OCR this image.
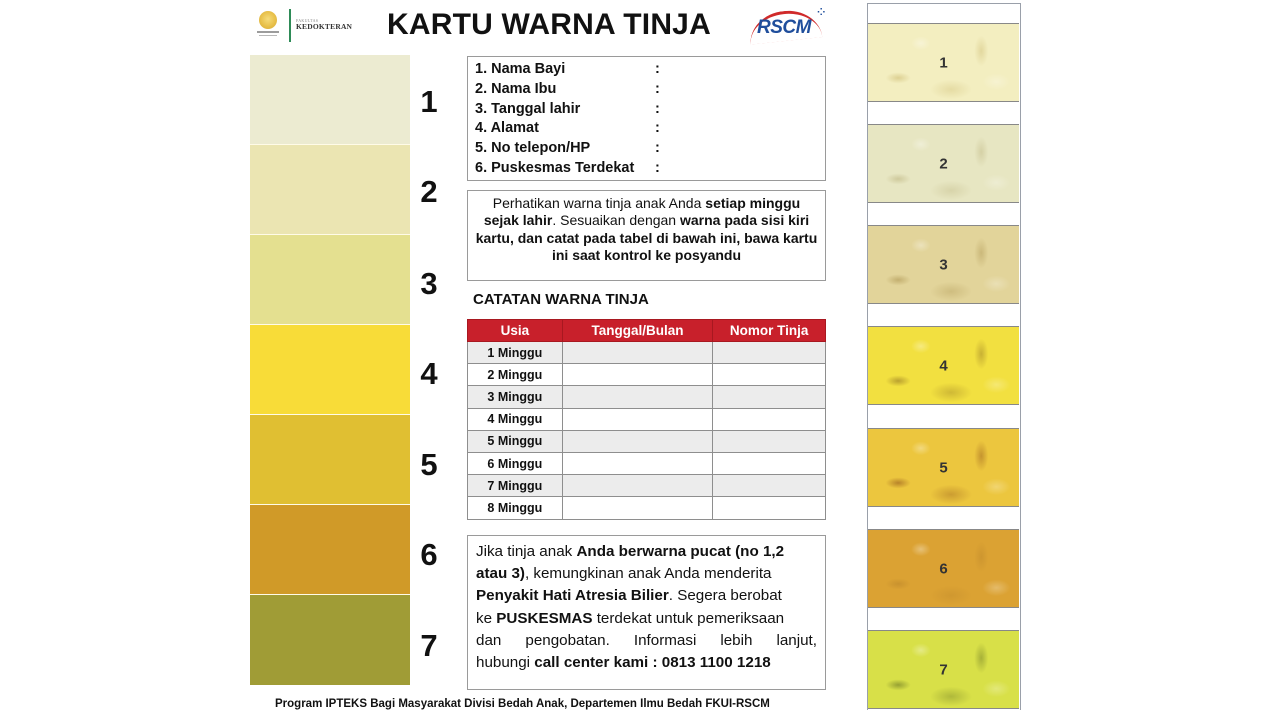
FAKULTAS
KEDOKTERAN KARTU WARNA TINJA RSCM
⁘
1
2
3
4
5
6
7
1. Nama Bayi	:
2. Nama Ibu	:
3. Tanggal lahir	:
4. Alamat	:
5. No telepon/HP	:
6. Puskesmas Terdekat :
Perhatikan warna tinja anak Anda setiap minggu sejak lahir. Sesuaikan dengan warna pada sisi kiri kartu, dan catat pada tabel di bawah ini, bawa kartu ini saat kontrol ke posyandu
CATATAN WARNA TINJA
Usia	Tanggal/Bulan	Nomor Tinja
1 Minggu		
2 Minggu		
3 Minggu		
4 Minggu		
5 Minggu		
6 Minggu		
7 Minggu		
8 Minggu		
Jika tinja anak Anda berwarna pucat (no 1,2
atau 3), kemungkinan anak Anda menderita
Penyakit Hati Atresia Bilier. Segera berobat
ke PUSKESMAS terdekat untuk pemeriksaan
dan pengobatan. Informasi lebih lanjut,
hubungi call center kami : 0813 1100 1218
Program IPTEKS Bagi Masyarakat Divisi Bedah Anak, Departemen Ilmu Bedah FKUI-RSCM
1
2
3
4
5
6
7
